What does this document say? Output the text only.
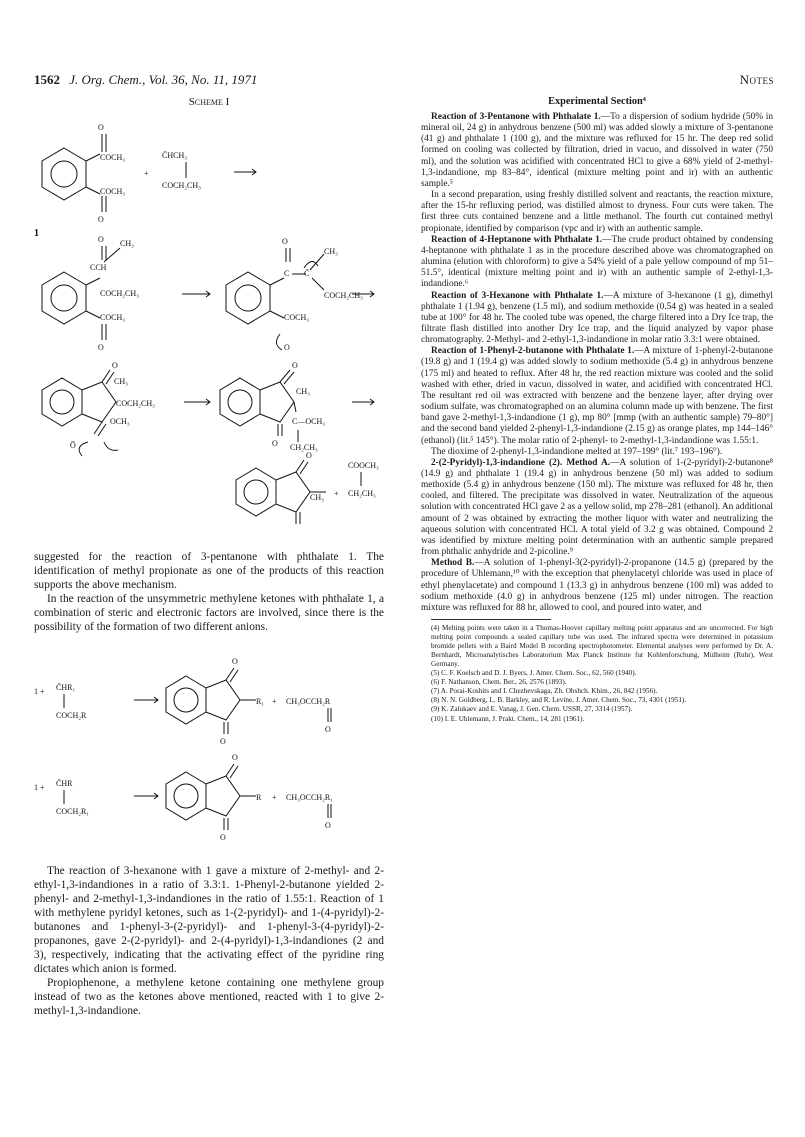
1562 J. Org. Chem., Vol. 36, No. 11, 1971	Notes
Scheme I
O
COCH₃
COCH₃
O
1
+
C̄HCH₃
COCH₂CH₃
O CH₃
CCH
COCH₂CH₃
COCH₃
O
O
C C̄
CH₃
COCH₂CH₃
COCH₃
O
O
CH₃
COCH₂CH₃
OCH₃
O̅
O
CH₃
C—OCH₃
O CH₂CH₃
O
CH₃ +
COOCH₃
CH₂CH₃

suggested for the reaction of 3-pentanone with phthalate 1. The identification of methyl propionate as one of the products of this reaction supports the above mechanism.

In the reaction of the unsymmetric methylene ketones with phthalate 1, a combination of steric and electronic factors are involved, since there is the possibility of the formation of two different anions.

1 + C̄HR₁
COCH₂R
O
R₁
O
+ CH₃OCCH₂R
O
1 + C̄HR
COCH₂R₁
O
R
O
+ CH₃OCCH₂R₁
O

The reaction of 3-hexanone with 1 gave a mixture of 2-methyl- and 2-ethyl-1,3-indandiones in a ratio of 3.3:1. 1-Phenyl-2-butanone yielded 2-phenyl- and 2-methyl-1,3-indandiones in the ratio of 1.55:1. Reaction of 1 with methylene pyridyl ketones, such as 1-(2-pyridyl)- and 1-(4-pyridyl)-2-butanones and 1-phenyl-3-(2-pyridyl)- and 1-phenyl-3-(4-pyridyl)-2-propanones, gave 2-(2-pyridyl)- and 2-(4-pyridyl)-1,3-indandiones (2 and 3), respectively, indicating that the activating effect of the pyridine ring dictates which anion is formed.

Propiophenone, a methylene ketone containing one methylene group instead of two as the ketones above mentioned, reacted with 1 to give 2-methyl-1,3-indandione.

Experimental Section⁴

Reaction of 3-Pentanone with Phthalate 1.—To a dispersion of sodium hydride (50% in mineral oil, 24 g) in anhydrous benzene (500 ml) was added slowly a mixture of 3-pentanone (41 g) and phthalate 1 (100 g), and the mixture was refluxed for 15 hr. The deep red solid formed on cooling was collected by filtration, dried in vacuo, and dissolved in water (750 ml), and the solution was acidified with concentrated HCl to give a 68% yield of 2-methyl-1,3-indandione, mp 83–84°, identical (mixture melting point and ir) with an authentic sample.⁵

In a second preparation, using freshly distilled solvent and reactants, the reaction mixture, after the 15-hr refluxing period, was distilled almost to dryness. Four cuts were taken. The first three cuts contained benzene and a little methanol. The fourth cut contained methyl propionate, identified by comparison (vpc and ir) with an authentic sample.

Reaction of 4-Heptanone with Phthalate 1.—The crude product obtained by condensing 4-heptanone with phthalate 1 as in the procedure described above was chromatographed on alumina (elution with chloroform) to give a 54% yield of a pale yellow compound of mp 51–51.5°, identical (mixture melting point and ir) with an authentic sample of 2-ethyl-1,3-indandione.⁶

Reaction of 3-Hexanone with Phthalate 1.—A mixture of 3-hexanone (1 g), dimethyl phthalate 1 (1.94 g), benzene (1.5 ml), and sodium methoxide (0.54 g) was heated in a sealed tube at 100° for 48 hr. The cooled tube was opened, the charge filtered into a Dry Ice trap, the filtrate flash distilled into another Dry Ice trap, and the liquid analyzed by vapor phase chromatography. 2-Methyl- and 2-ethyl-1,3-indandione in molar ratio 3.3:1 were obtained.

Reaction of 1-Phenyl-2-butanone with Phthalate 1.—A mixture of 1-phenyl-2-butanone (19.8 g) and 1 (19.4 g) was added slowly to sodium methoxide (5.4 g) in anhydrous benzene (175 ml) and heated to reflux. After 48 hr, the red reaction mixture was cooled and the solid washed with ether, dried in vacuo, dissolved in water, and acidified with concentrated HCl. The resultant red oil was extracted with benzene and the benzene layer, after drying over sodium sulfate, was chromatographed on an alumina column made up with benzene. The first band gave 2-methyl-1,3-indandione (1 g), mp 80° [mmp (with an authentic sample) 79–80°] and the second band yielded 2-phenyl-1,3-indandione (2.15 g) as orange plates, mp 144–146° (ethanol) (lit.⁵ 145°). The molar ratio of 2-phenyl- to 2-methyl-1,3-indandione was 1.55:1.

The dioxime of 2-phenyl-1,3-indandione melted at 197–199° (lit.⁷ 193–196°).

2-(2-Pyridyl)-1,3-indandione (2). Method A.—A solution of 1-(2-pyridyl)-2-butanone⁸ (14.9 g) and phthalate 1 (19.4 g) in anhydrous benzene (50 ml) was added to sodium methoxide (5.4 g) in anhydrous benzene (150 ml). The mixture was refluxed for 48 hr, then cooled, and filtered. The precipitate was dissolved in water. Neutralization of the aqueous solution with concentrated HCl gave 2 as a yellow solid, mp 278–281 (ethanol). An additional amount of 2 was obtained by extracting the mother liquor with water and neutralizing the aqueous solution with concentrated HCl. A total yield of 3.2 g was obtained. Compound 2 was identified by mixture melting point determination with an authentic sample prepared from phthalic anhydride and 2-picoline.⁹

Method B.—A solution of 1-phenyl-3(2-pyridyl)-2-propanone (14.5 g) (prepared by the procedure of Uhlemann,¹⁰ with the exception that phenylacetyl chloride was used in place of ethyl phenylacetate) and compound 1 (13.3 g) in anhydrous benzene (100 ml) was added to sodium methoxide (4.0 g) in anhydrous benzene (125 ml) under nitrogen. The reaction mixture was refluxed for 88 hr, allowed to cool, and poured into water, and

(4) Melting points were taken in a Thomas-Hoover capillary melting point apparatus and are uncorrected. For high melting point compounds a sealed capillary tube was used. The infrared spectra were determined in potassium bromide pellets with a Baird Model B recording spectrophotometer. Elemental analyses were performed by Dr. A. Bernhardt, Microanalytisches Laboratorium Max Planck Institute fur Kohlenforschung, Mulheim (Ruhr), West Germany.

(5) C. F. Koelsch and D. J. Byers, J. Amer. Chem. Soc., 62, 560 (1940).

(6) F. Nathanson, Chem. Ber., 26, 2576 (1893).

(7) A. Porai-Koshits and I. Chezhevskaga, Zh. Obshch. Khim., 26, 842 (1956).

(8) N. N. Goldberg, L. B. Barkley, and R. Levine, J. Amer. Chem. Soc., 73, 4301 (1951).

(9) K. Zalukaev and E. Vanag, J. Gen. Chem. USSR, 27, 3314 (1957).

(10) I. E. Uhlemann, J. Prakt. Chem., 14, 281 (1961).
